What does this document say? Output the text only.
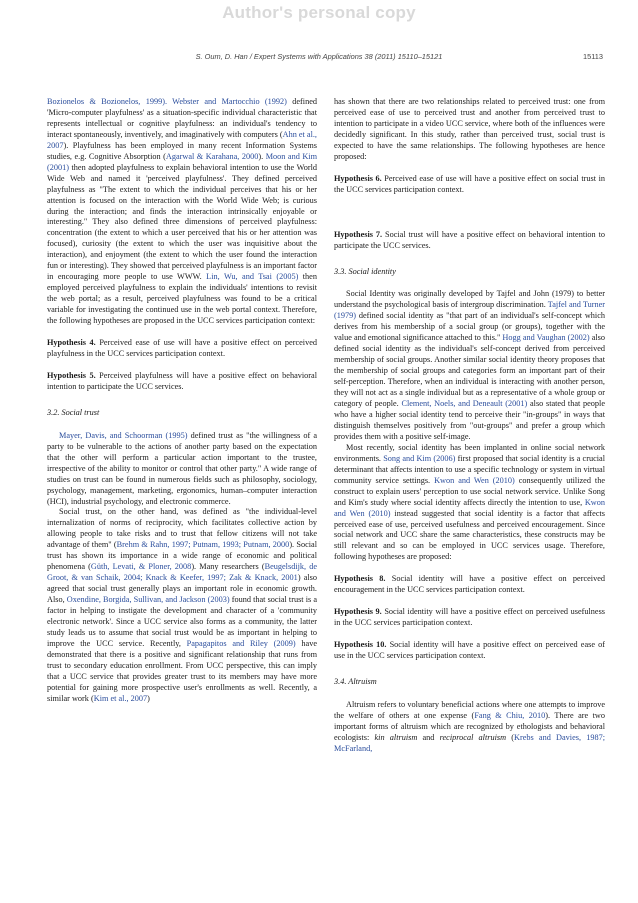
Author's personal copy
S. Oum, D. Han / Expert Systems with Applications 38 (2011) 15110–15121	15113

Bozionelos & Bozionelos, 1999). Webster and Martocchio (1992) defined 'Micro-computer playfulness' as a situation-specific individual characteristic that represents intellectual or cognitive playfulness: an individual's tendency to interact spontaneously, inventively, and imaginatively with computers (Ahn et al., 2007). Playfulness has been employed in many recent Information Systems studies, e.g. Cognitive Absorption (Agarwal & Karahana, 2000). Moon and Kim (2001) then adopted playfulness to explain behavioral intention to use the World Wide Web and named it 'perceived playfulness'. They defined perceived playfulness as "The extent to which the individual perceives that his or her attention is focused on the interaction with the World Wide Web; is curious during the interaction; and finds the interaction intrinsically enjoyable or interesting." They also defined three dimensions of perceived playfulness: concentration (the extent to which a user perceived that his or her attention was focused), curiosity (the extent to which the user was inquisitive about the interaction), and enjoyment (the extent to which the user found the interaction fun or interesting). They showed that perceived playfulness is an important factor in encouraging more people to use WWW. Lin, Wu, and Tsai (2005) then employed perceived playfulness to explain the individuals' intentions to revisit the web portal; as a result, perceived playfulness was found to be a critical variable for investigating the continued use in the web portal context. Therefore, the following hypotheses are proposed in the UCC services participation context:

Hypothesis 4. Perceived ease of use will have a positive effect on perceived playfulness in the UCC services participation context.

Hypothesis 5. Perceived playfulness will have a positive effect on behavioral intention to participate the UCC services.

3.2. Social trust

Mayer, Davis, and Schoorman (1995) defined trust as "the willingness of a party to be vulnerable to the actions of another party based on the expectation that the other will perform a particular action important to the trustee, irrespective of the ability to monitor or control that other party." A wide range of studies on trust can be found in numerous fields such as philosophy, sociology, psychology, management, marketing, ergonomics, human–computer interaction (HCI), industrial psychology, and electronic commerce.

Social trust, on the other hand, was defined as "the individual-level internalization of norms of reciprocity, which facilitates collective action by allowing people to take risks and to trust that fellow citizens will not take advantage of them" (Brehm & Rahn, 1997; Putnam, 1993; Putnam, 2000). Social trust has shown its importance in a wide range of economic and political phenomena (Güth, Levati, & Ploner, 2008). Many researchers (Beugelsdijk, de Groot, & van Schaik, 2004; Knack & Keefer, 1997; Zak & Knack, 2001) also agreed that social trust generally plays an important role in economic growth. Also, Oxendine, Borgida, Sullivan, and Jackson (2003) found that social trust is a factor in helping to instigate the development and character of a 'community electronic network'. Since a UCC service also forms as a community, the latter study leads us to assume that social trust would be as important in helping to improve the UCC service. Recently, Papagapitos and Riley (2009) have demonstrated that there is a positive and significant relationship that runs from trust to secondary education enrollment. From UCC perspective, this can imply that a UCC service that provides greater trust to its members may have more potential for gaining more prospective user's enrollments as well. Recently, a similar work (Kim et al., 2007)

has shown that there are two relationships related to perceived trust: one from perceived ease of use to perceived trust and another from perceived trust to intention to participate in a video UCC service, where both of the influences were decidedly significant. In this study, rather than perceived trust, social trust is expected to have the same relationships. The following hypotheses are hence proposed:

Hypothesis 6. Perceived ease of use will have a positive effect on social trust in the UCC services participation context.

Hypothesis 7. Social trust will have a positive effect on behavioral intention to participate the UCC services.

3.3. Social identity

Social Identity was originally developed by Tajfel and John (1979) to better understand the psychological basis of intergroup discrimination. Tajfel and Turner (1979) defined social identity as "that part of an individual's self-concept which derives from his membership of a social group (or groups), together with the value and emotional significance attached to this." Hogg and Vaughan (2002) also defined social identity as the individual's self-concept derived from perceived membership of social groups. Another similar social identity theory proposes that the membership of social groups and categories form an important part of their self-perception. Therefore, when an individual is interacting with another person, they will not act as a single individual but as a representative of a whole group or category of people. Clement, Noels, and Deneault (2001) also stated that people who have a higher social identity tend to perceive their "in-groups" in ways that distinguish themselves positively from "out-groups" and prefer a group which provides them with a positive self-image.

Most recently, social identity has been implanted in online social network environments. Song and Kim (2006) first proposed that social identity is a crucial determinant that affects intention to use a specific technology or system in virtual community service settings. Kwon and Wen (2010) consequently utilized the construct to explain users' perception to use social network service. Unlike Song and Kim's study where social identity affects directly the intention to use, Kwon and Wen (2010) instead suggested that social identity is a factor that affects perceived ease of use, perceived usefulness and perceived encouragement. Since social network and UCC share the same characteristics, these constructs may be still relevant and so can be employed in UCC services usage. Therefore, following hypotheses are proposed:

Hypothesis 8. Social identity will have a positive effect on perceived encouragement in the UCC services participation context.

Hypothesis 9. Social identity will have a positive effect on perceived usefulness in the UCC services participation context.

Hypothesis 10. Social identity will have a positive effect on perceived ease of use in the UCC services participation context.

3.4. Altruism

Altruism refers to voluntary beneficial actions where one attempts to improve the welfare of others at one expense (Fang & Chiu, 2010). There are two important forms of altruism which are recognized by ethologists and behavioral ecologists: kin altruism and reciprocal altruism (Krebs and Davies, 1987; McFarland,
